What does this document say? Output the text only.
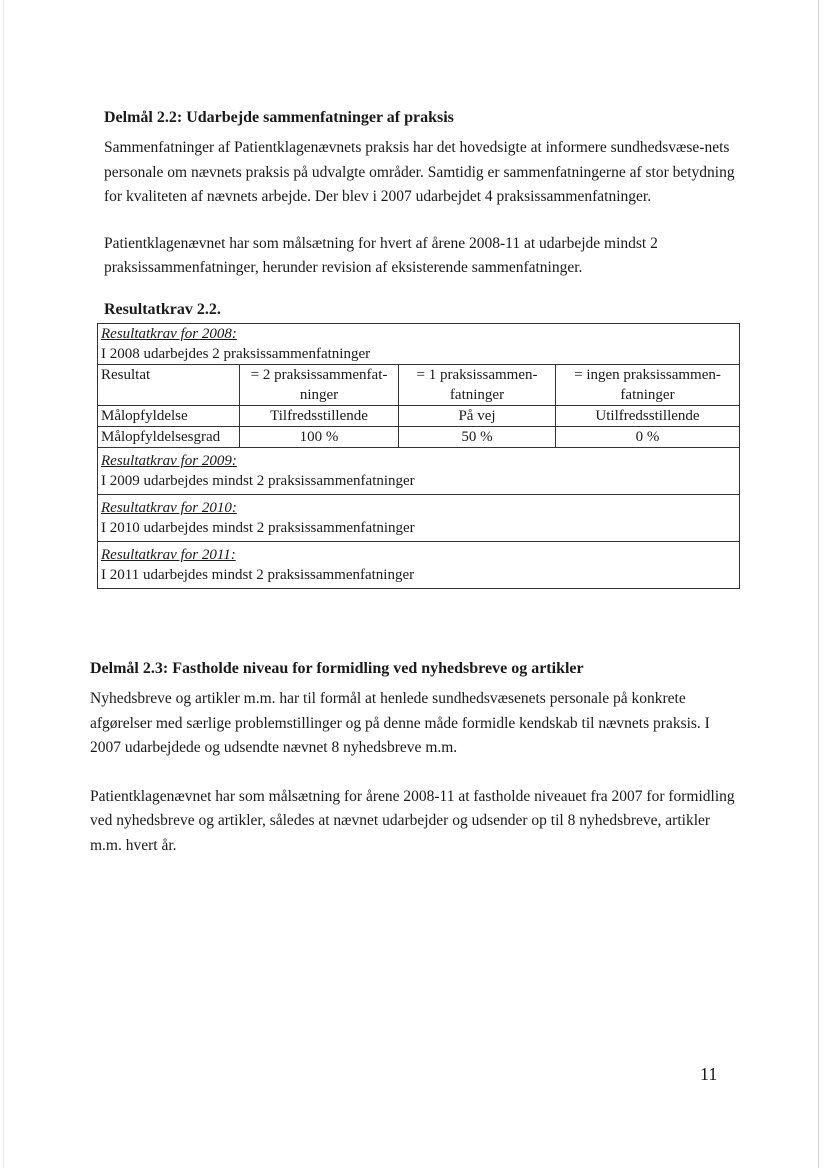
Delmål 2.2: Udarbejde sammenfatninger af praksis

Sammenfatninger af Patientklagenævnets praksis har det hovedsigte at informere sundhedsvæse-nets personale om nævnets praksis på udvalgte områder. Samtidig er sammenfatningerne af stor betydning for kvaliteten af nævnets arbejde. Der blev i 2007 udarbejdet 4 praksissammenfatninger.

Patientklagenævnet har som målsætning for hvert af årene 2008-11 at udarbejde mindst 2 praksissammenfatninger, herunder revision af eksisterende sammenfatninger.

Resultatkrav 2.2.
Resultatkrav for 2008:
I 2008 udarbejdes 2 praksissammenfatninger			
Resultat	= 2 praksissammenfat-ninger	= 1 praksissammen-fatninger	= ingen praksissammen-fatninger
Målopfyldelse	Tilfredsstillende	På vej	Utilfredsstillende
Målopfyldelsesgrad	100 %	50 %	0 %

Resultatkrav for 2009:
I 2009 udarbejdes mindst 2 praksissammenfatninger			

Resultatkrav for 2010:
I 2010 udarbejdes mindst 2 praksissammenfatninger			

Resultatkrav for 2011:
I 2011 udarbejdes mindst 2 praksissammenfatninger			
Delmål 2.3: Fastholde niveau for formidling ved nyhedsbreve og artikler

Nyhedsbreve og artikler m.m. har til formål at henlede sundhedsvæsenets personale på konkrete afgørelser med særlige problemstillinger og på denne måde formidle kendskab til nævnets praksis. I 2007 udarbejdede og udsendte nævnet 8 nyhedsbreve m.m.

Patientklagenævnet har som målsætning for årene 2008-11 at fastholde niveauet fra 2007 for formidling ved nyhedsbreve og artikler, således at nævnet udarbejder og udsender op til 8 nyhedsbreve, artikler m.m. hvert år.

11
